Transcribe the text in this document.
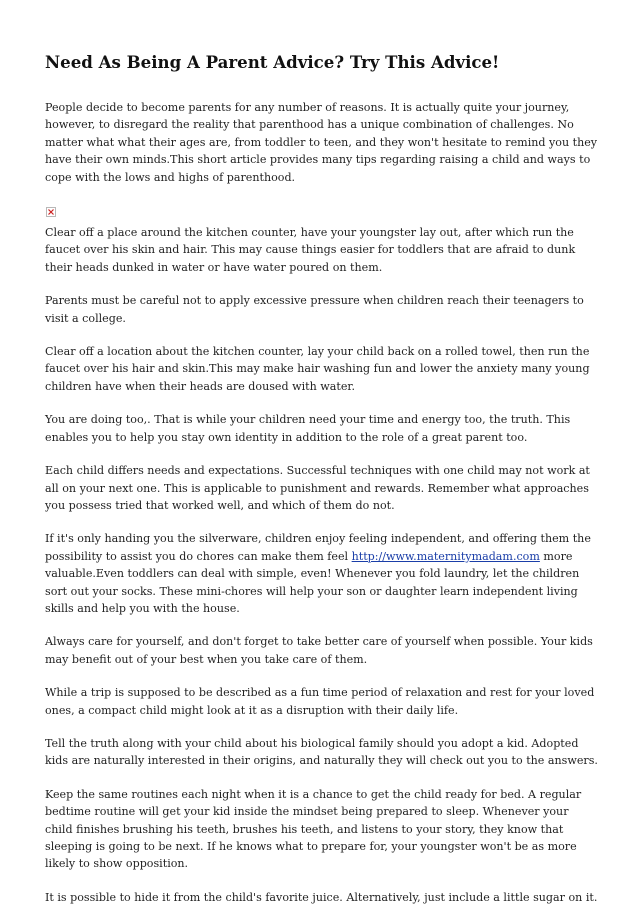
Need As Being A Parent Advice? Try This Advice!

People decide to become parents for any number of reasons. It is actually quite your journey, however, to disregard the reality that parenthood has a unique combination of challenges. No matter what what their ages are, from toddler to teen, and they won't hesitate to remind you they have their own minds.This short article provides many tips regarding raising a child and ways to cope with the lows and highs of parenthood.

Clear off a place around the kitchen counter, have your youngster lay out, after which run the faucet over his skin and hair. This may cause things easier for toddlers that are afraid to dunk their heads dunked in water or have water poured on them.

Parents must be careful not to apply excessive pressure when children reach their teenagers to visit a college.

Clear off a location about the kitchen counter, lay your child back on a rolled towel, then run the faucet over his hair and skin.This may make hair washing fun and lower the anxiety many young children have when their heads are doused with water.

You are doing too,. That is while your children need your time and energy too, the truth. This enables you to help you stay own identity in addition to the role of a great parent too.

Each child differs needs and expectations. Successful techniques with one child may not work at all on your next one. This is applicable to punishment and rewards. Remember what approaches you possess tried that worked well, and which of them do not.

If it's only handing you the silverware, children enjoy feeling independent, and offering them the possibility to assist you do chores can make them feel http://www.maternitymadam.com more valuable.Even toddlers can deal with simple, even! Whenever you fold laundry, let the children sort out your socks. These mini-chores will help your son or daughter learn independent living skills and help you with the house.

Always care for yourself, and don't forget to take better care of yourself when possible. Your kids may benefit out of your best when you take care of them.

While a trip is supposed to be described as a fun time period of relaxation and rest for your loved ones, a compact child might look at it as a disruption with their daily life.

Tell the truth along with your child about his biological family should you adopt a kid. Adopted kids are naturally interested in their origins, and naturally they will check out you to the answers.

Keep the same routines each night when it is a chance to get the child ready for bed. A regular bedtime routine will get your kid inside the mindset being prepared to sleep. Whenever your child finishes brushing his teeth, brushes his teeth, and listens to your story, they know that sleeping is going to be next. If he knows what to prepare for, your youngster won't be as more likely to show opposition.

It is possible to hide it from the child's favorite juice. Alternatively, just include a little sugar on it.
